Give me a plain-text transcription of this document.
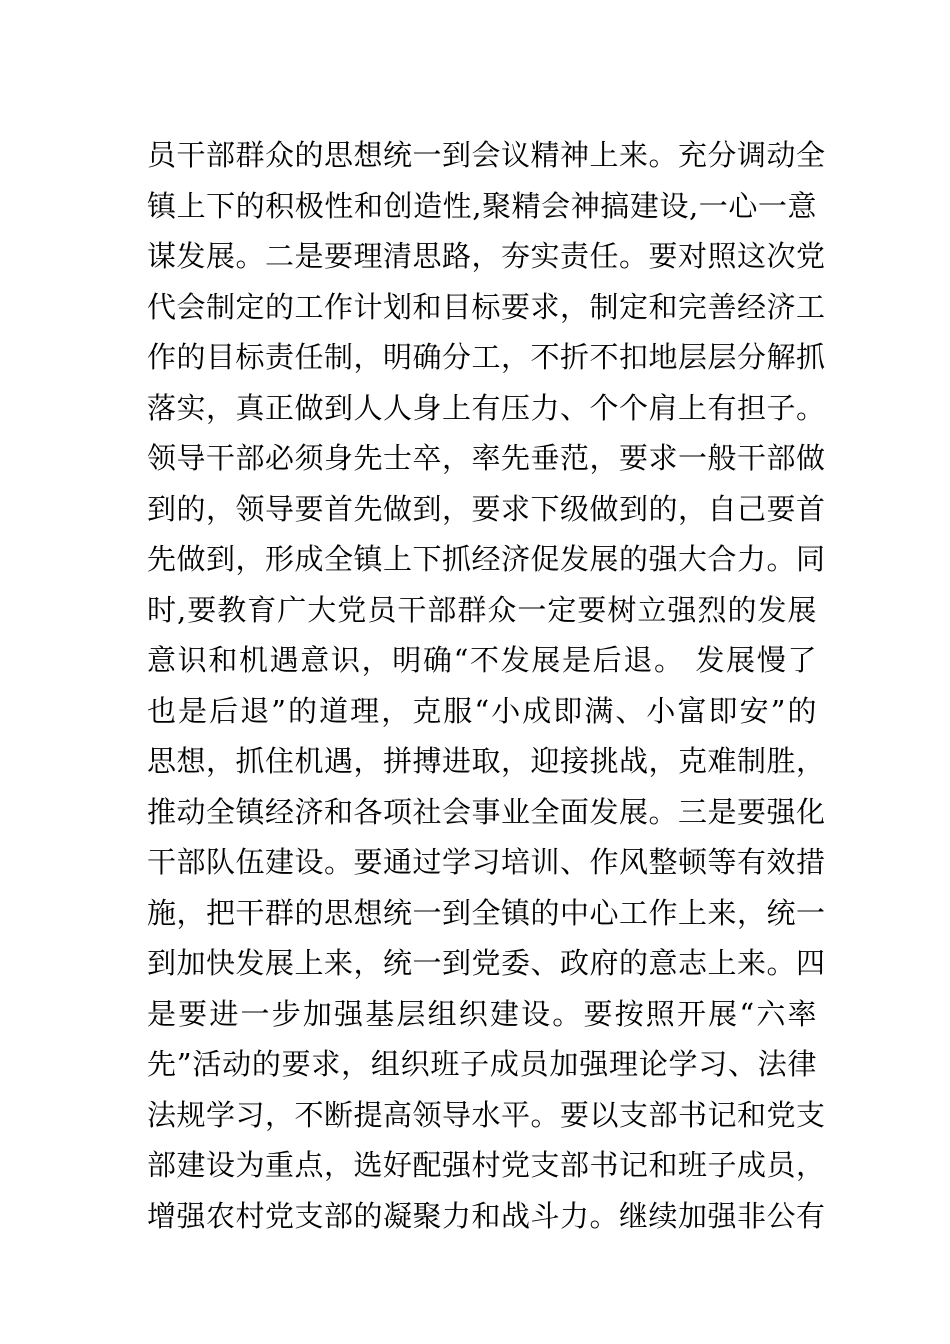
员干部群众的思想统一到会议精神上来。充分调动全
镇上下的积极性和创造性,聚精会神搞建设,一心一意
谋发展。二是要理清思路，夯实责任。要对照这次党
代会制定的工作计划和目标要求，制定和完善经济工
作的目标责任制，明确分工，不折不扣地层层分解抓
落实，真正做到人人身上有压力、个个肩上有担子。
领导干部必须身先士卒，率先垂范，要求一般干部做
到的，领导要首先做到，要求下级做到的，自己要首
先做到，形成全镇上下抓经济促发展的强大合力。同
时,要教育广大党员干部群众一定要树立强烈的发展
意识和机遇意识，明确“不发展是后退。 发展慢了
也是后退”的道理，克服“小成即满、小富即安”的
思想，抓住机遇，拼搏进取，迎接挑战，克难制胜，
推动全镇经济和各项社会事业全面发展。三是要强化
干部队伍建设。要通过学习培训、作风整顿等有效措
施，把干群的思想统一到全镇的中心工作上来，统一
到加快发展上来，统一到党委、政府的意志上来。四
是要进一步加强基层组织建设。要按照开展“六率
先”活动的要求，组织班子成员加强理论学习、法律
法规学习，不断提高领导水平。要以支部书记和党支
部建设为重点，选好配强村党支部书记和班子成员，
增强农村党支部的凝聚力和战斗力。继续加强非公有
